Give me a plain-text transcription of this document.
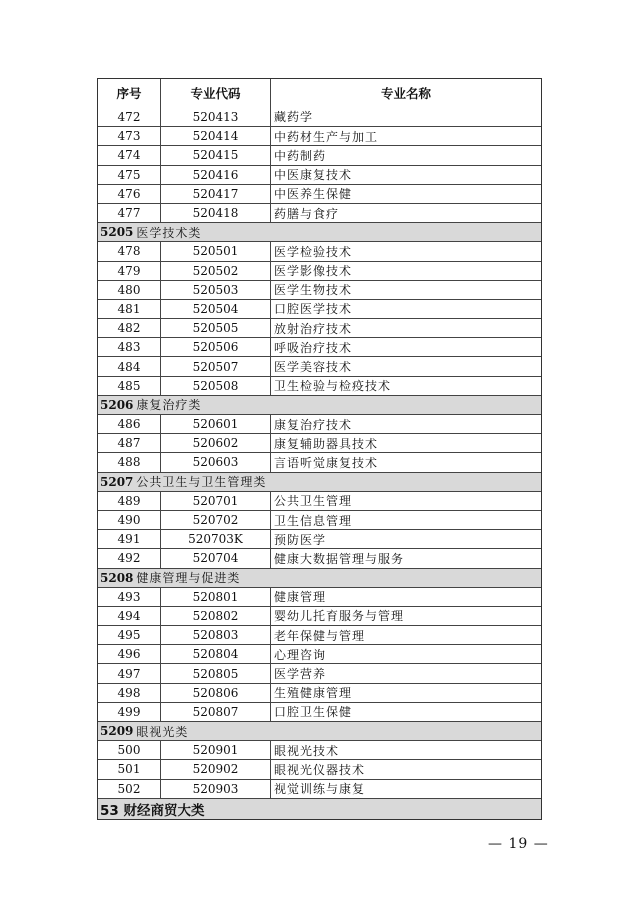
序号	专业代码	专业名称
472	520413	藏药学
473	520414	中药材生产与加工
474	520415	中药制药
475	520416	中医康复技术
476	520417	中医养生保健
477	520418	药膳与食疗
5205 医学技术类
478	520501	医学检验技术
479	520502	医学影像技术
480	520503	医学生物技术
481	520504	口腔医学技术
482	520505	放射治疗技术
483	520506	呼吸治疗技术
484	520507	医学美容技术
485	520508	卫生检验与检疫技术
5206 康复治疗类
486	520601	康复治疗技术
487	520602	康复辅助器具技术
488	520603	言语听觉康复技术
5207 公共卫生与卫生管理类
489	520701	公共卫生管理
490	520702	卫生信息管理
491	520703K	预防医学
492	520704	健康大数据管理与服务
5208 健康管理与促进类
493	520801	健康管理
494	520802	婴幼儿托育服务与管理
495	520803	老年保健与管理
496	520804	心理咨询
497	520805	医学营养
498	520806	生殖健康管理
499	520807	口腔卫生保健
5209 眼视光类
500	520901	眼视光技术
501	520902	眼视光仪器技术
502	520903	视觉训练与康复
53 财经商贸大类
— 19 —
